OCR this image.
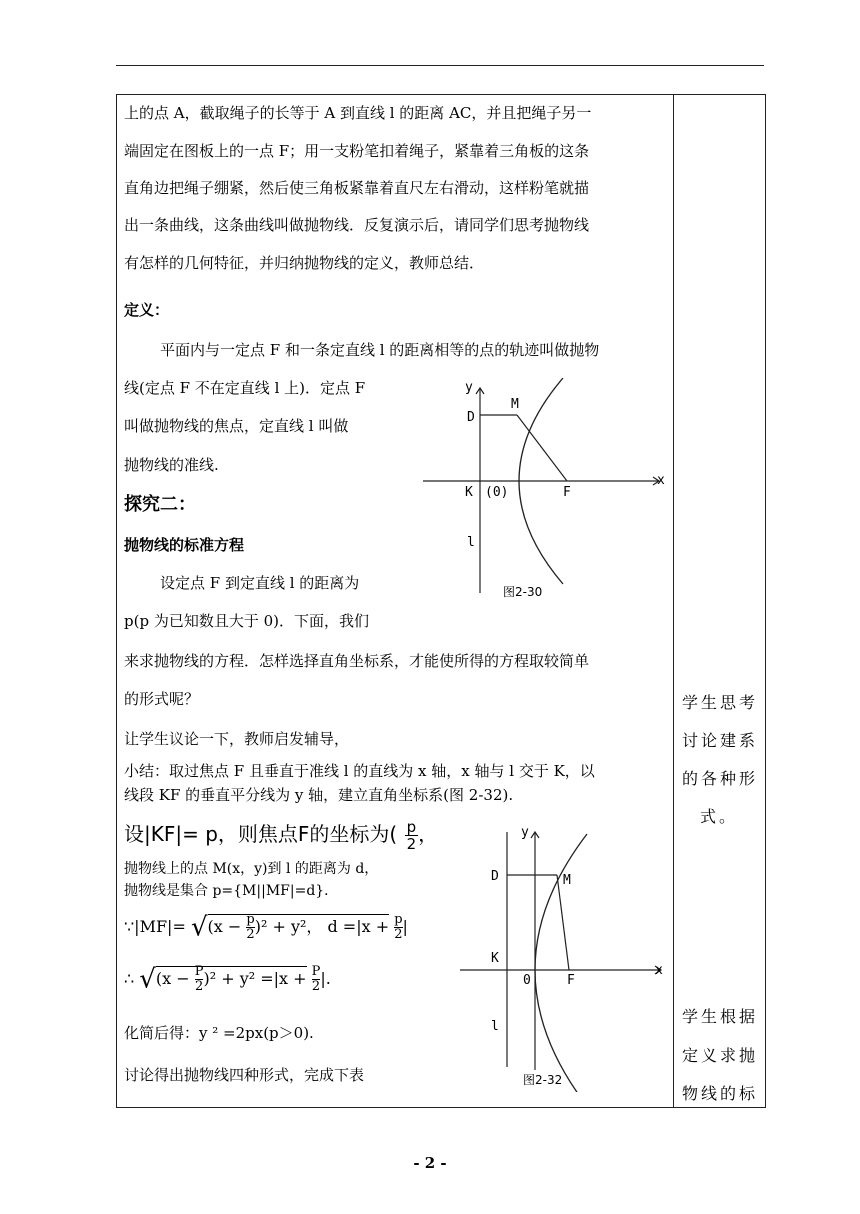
上的点 A，截取绳子的长等于 A 到直线 l 的距离 AC，并且把绳子另一
端固定在图板上的一点 F；用一支粉笔扣着绳子，紧靠着三角板的这条
直角边把绳子绷紧，然后使三角板紧靠着直尺左右滑动，这样粉笔就描
出一条曲线，这条曲线叫做抛物线．反复演示后，请同学们思考抛物线
有怎样的几何特征，并归纳抛物线的定义，教师总结．
定义：
平面内与一定点 F 和一条定直线 l 的距离相等的点的轨迹叫做抛物
线(定点 F 不在定直线 l 上)．定点 F
叫做抛物线的焦点，定直线 l 叫做
抛物线的准线.
探究二：
抛物线的标准方程
设定点 F 到定直线 l 的距离为
p(p 为已知数且大于 0)．下面，我们
来求抛物线的方程．怎样选择直角坐标系，才能使所得的方程取较简单
的形式呢？
让学生议论一下，教师启发辅导，
小结：取过焦点 F 且垂直于准线 l 的直线为 x 轴，x 轴与 l 交于 K，以
线段 KF 的垂直平分线为 y 轴，建立直角坐标系(图 2-32).
设|KF|= p，则焦点F的坐标为( $\frac{p}{2}$ ，
抛物线上的点 M(x，y)到 l 的距离为 d，
抛物线是集合 p={M||MF|=d}．
∵|MF|= $√(x - \frac{p}{2} )^2 + y^2$， $d =|x + \frac{p}{2}$ |
∴ $√(x - \frac{P}{2} )^2 + y^2 =|x + \frac{P}{2}$ |.
化简后得：y ² =2px(p＞0).
讨论得出抛物线四种形式，完成下表
y
x
D
M
K (0)	F
l
图2-30
y
x
D	M
K
0	F
l
图2-32
学生思考
讨论建系
的各种形
式。
学生根据
定义求抛
物线的标
- 2 -
